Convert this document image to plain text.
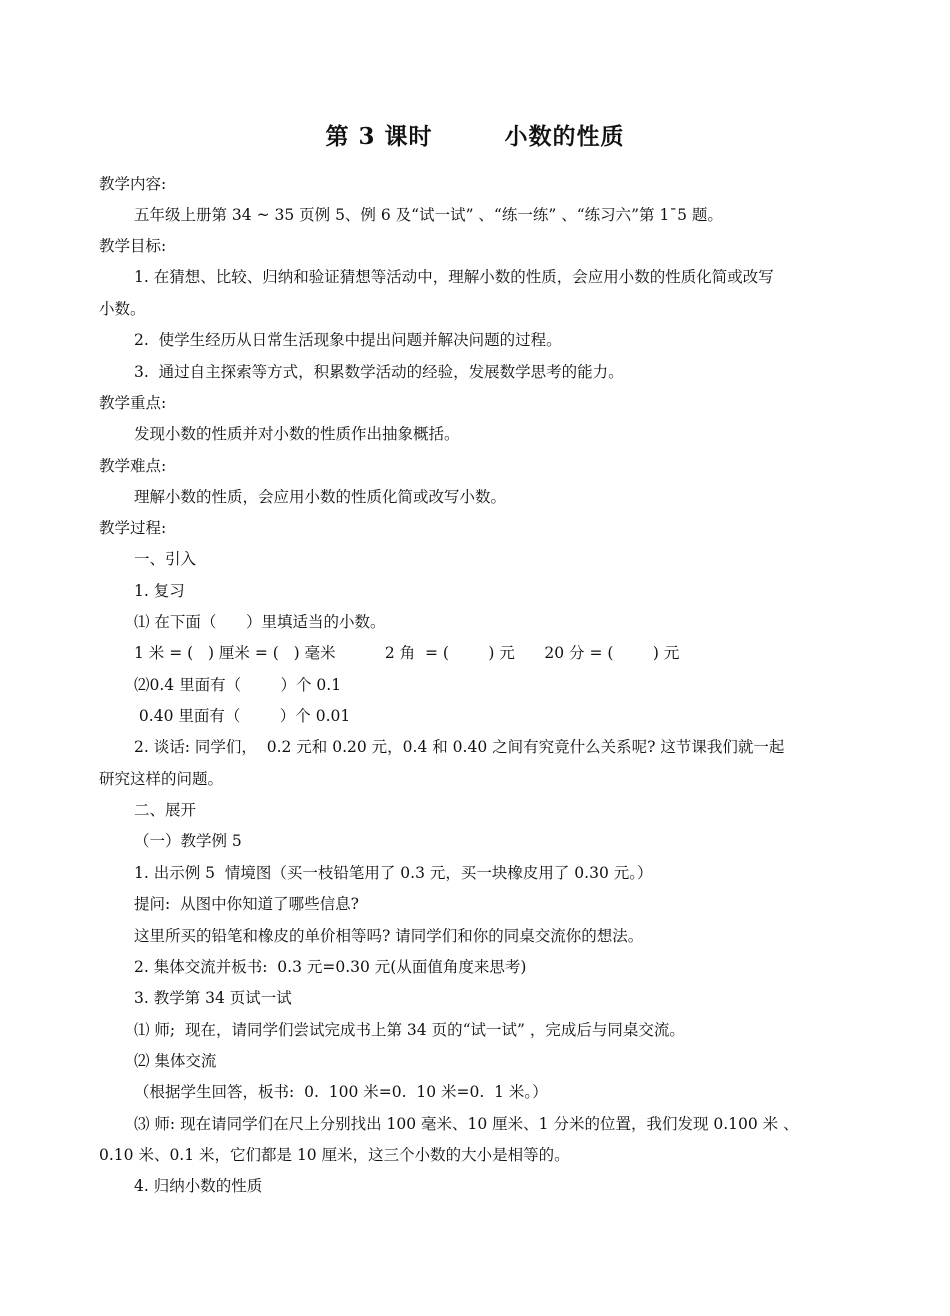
第 3 课时        小数的性质
教学内容:
五年级上册第 34 ~ 35 页例 5、例 6 及“试一试” 、“练一练” 、“练习六”第 1¯5 题。
教学目标:
1. 在猜想、比较、归纳和验证猜想等活动中，理解小数的性质，会应用小数的性质化简或改写
小数。
2.  使学生经历从日常生活现象中提出问题并解决问题的过程。
3.  通过自主探索等方式，积累数学活动的经验，发展数学思考的能力。
教学重点:
发现小数的性质并对小数的性质作出抽象概括。
教学难点:
理解小数的性质，会应用小数的性质化简或改写小数。
教学过程:
一、引入
1. 复习
⑴ 在下面（      ）里填适当的小数。
1 米 = (   ) 厘米 = (   ) 毫米          2 角  = (        ) 元      20 分 = (        ) 元
⑵0.4 里面有（        ）个 0.1
0.40 里面有（        ）个 0.01
2. 谈话: 同学们，  0.2 元和 0.20 元，0.4 和 0.40 之间有究竟什么关系呢? 这节课我们就一起
研究这样的问题。
二、展开
（一）教学例 5
1. 出示例 5  情境图（买一枝铅笔用了 0.3 元，买一块橡皮用了 0.30 元。）
提问:  从图中你知道了哪些信息?
这里所买的铅笔和橡皮的单价相等吗? 请同学们和你的同桌交流你的想法。
2. 集体交流并板书:  0.3 元=0.30 元(从面值角度来思考)
3. 教学第 34 页试一试
⑴ 师;  现在，请同学们尝试完成书上第 34 页的“试一试” ，完成后与同桌交流。
⑵ 集体交流
（根据学生回答，板书:  0.  100 米=0.  10 米=0.  1 米。）
⑶ 师: 现在请同学们在尺上分别找出 100 毫米、10 厘米、1 分米的位置，我们发现 0.100 米 、
0.10 米、0.1 米，它们都是 10 厘米，这三个小数的大小是相等的。
4. 归纳小数的性质
